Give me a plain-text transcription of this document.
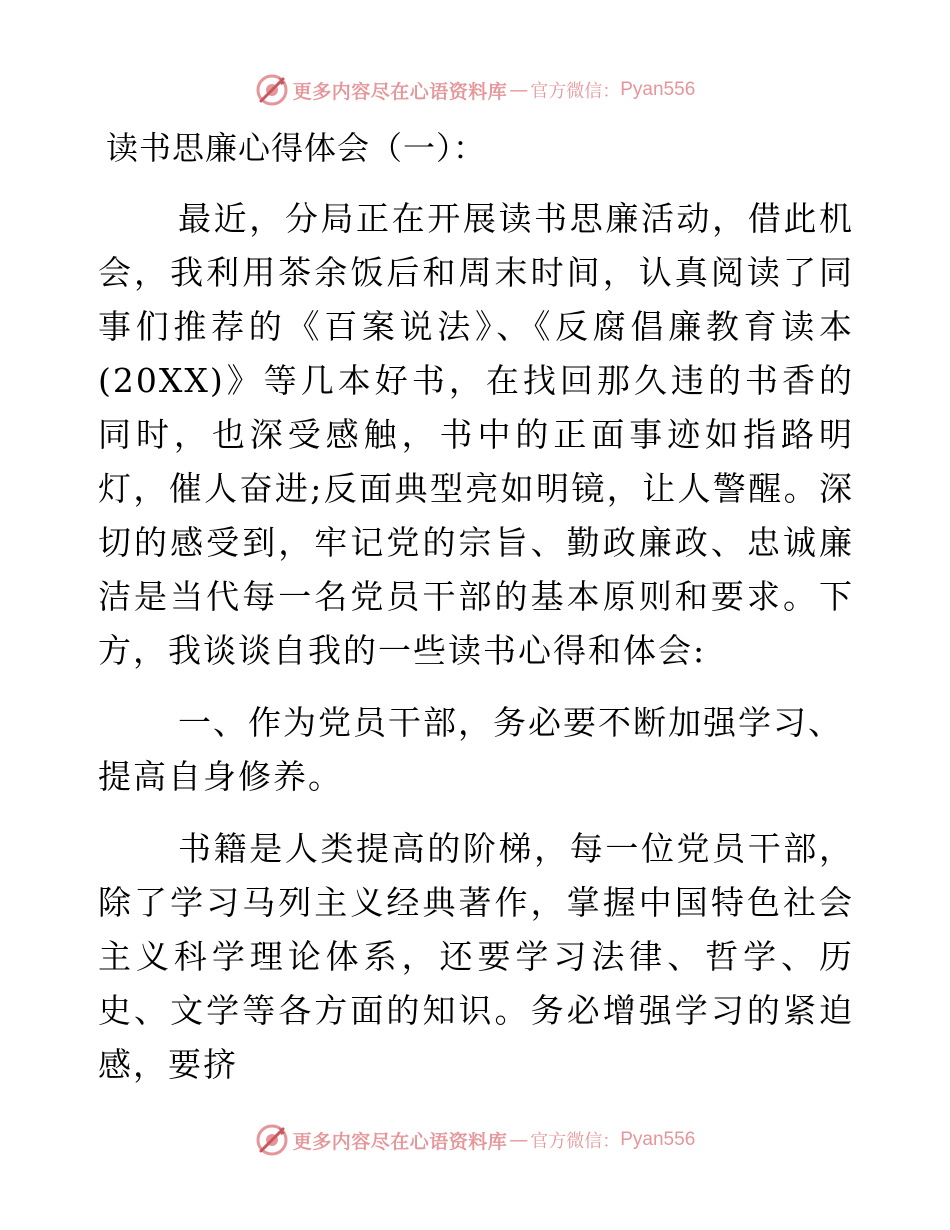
更多内容尽在心语资料库 — 官方微信： Pyan556
读书思廉心得体会（一）：

最近，分局正在开展读书思廉活动，借此机会，我利用茶余饭后和周末时间，认真阅读了同事们推荐的《百案说法》、《反腐倡廉教育读本(20XX)》等几本好书，在找回那久违的书香的同时，也深受感触，书中的正面事迹如指路明灯，催人奋进;反面典型亮如明镜，让人警醒。深切的感受到，牢记党的宗旨、勤政廉政、忠诚廉洁是当代每一名党员干部的基本原则和要求。下方，我谈谈自我的一些读书心得和体会:

一、作为党员干部，务必要不断加强学习、提高自身修养。

书籍是人类提高的阶梯，每一位党员干部，除了学习马列主义经典著作，掌握中国特色社会主义科学理论体系，还要学习法律、哲学、历史、文学等各方面的知识。务必增强学习的紧迫感，要挤

更多内容尽在心语资料库 — 官方微信： Pyan556
